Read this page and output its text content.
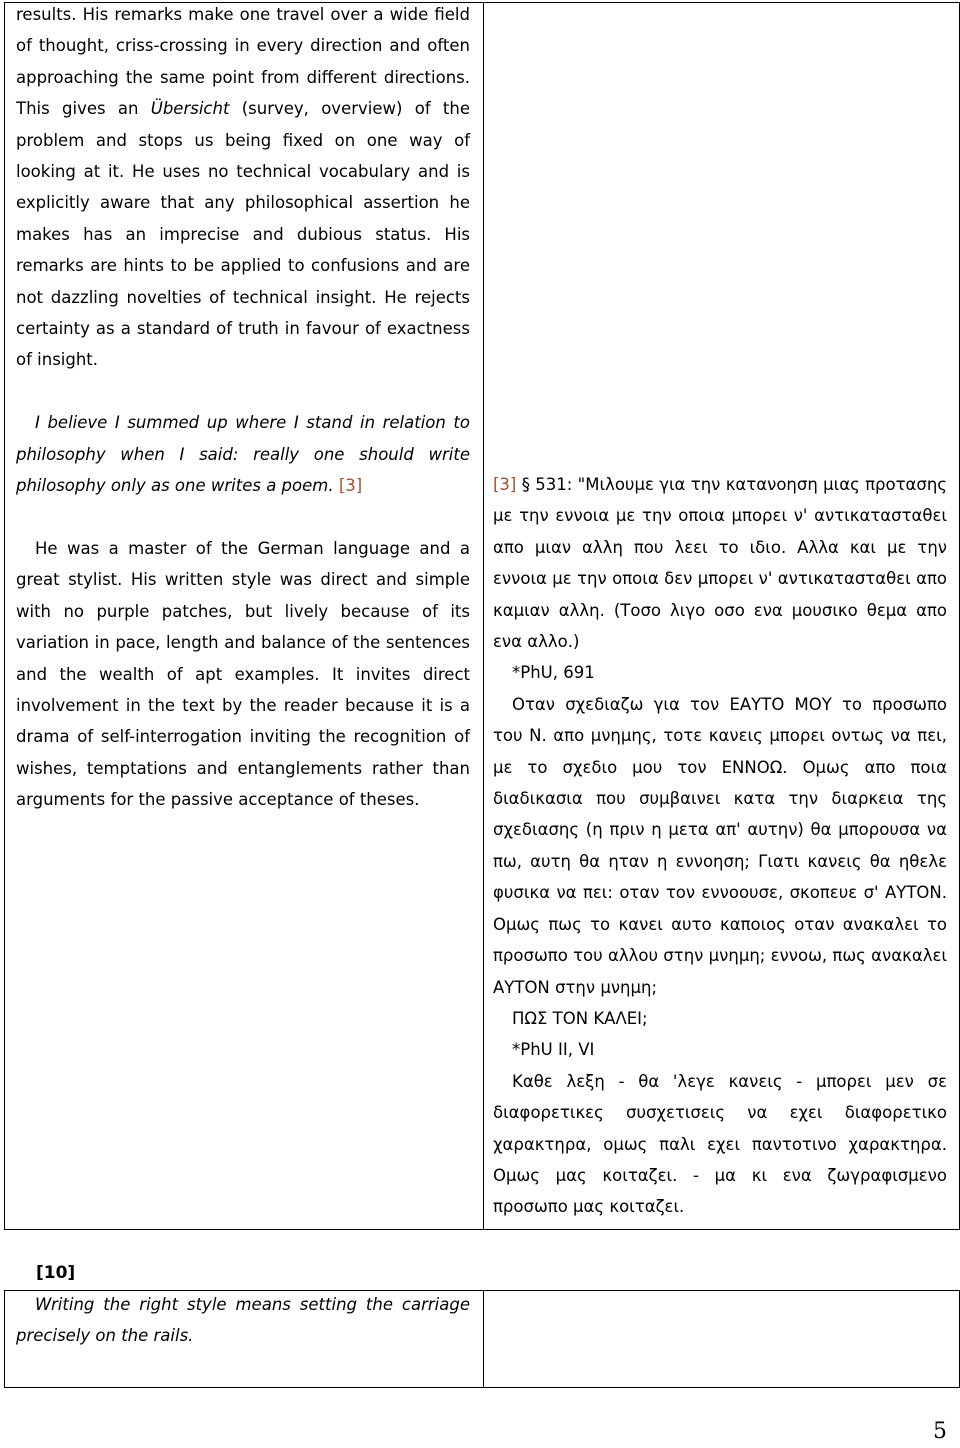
results. His remarks make one travel over a wide field of thought, criss-crossing in every direction and often approaching the same point from different directions. This gives an Übersicht (survey, overview) of the problem and stops us being fixed on one way of looking at it. He uses no technical vocabulary and is explicitly aware that any philosophical assertion he makes has an imprecise and dubious status. His remarks are hints to be applied to confusions and are not dazzling novelties of technical insight. He rejects certainty as a standard of truth in favour of exactness of insight.

I believe I summed up where I stand in relation to philosophy when I said: really one should write philosophy only as one writes a poem. [3]

He was a master of the German language and a great stylist. His written style was direct and simple with no purple patches, but lively because of its variation in pace, length and balance of the sentences and the wealth of apt examples. It invites direct involvement in the text by the reader because it is a drama of self-interrogation inviting the recognition of wishes, temptations and entanglements rather than arguments for the passive acceptance of theses.

[3] § 531: "Μιλουμε για την κατανοηση μιας προτασης με την εννοια με την οποια μπορει ν' αντικατασταθει απο μιαν αλλη που λεει το ιδιο. Αλλα και με την εννοια με την οποια δεν μπορει ν' αντικατασταθει απο καμιαν αλλη. (Τοσο λιγο οσο ενα μουσικο θεμα απο ενα αλλο.)

*PhU, 691

Οταν σχεδιαζω για τον ΕΑΥΤΟ ΜΟΥ το προσωπο του Ν. απο μνημης, τοτε κανεις μπορει οντως να πει, με το σχεδιο μου τον ΕΝΝΟΩ. Ομως απο ποια διαδικασια που συμβαινει κατα την διαρκεια της σχεδιασης (η πριν η μετα απ' αυτην) θα μπορουσα να πω, αυτη θα ηταν η εννοηση; Γιατι κανεις θα ηθελε φυσικα να πει: οταν τον εννοουσε, σκοπευε σ' ΑΥΤΟΝ. Ομως πως το κανει αυτο καποιος οταν ανακαλει το προσωπο του αλλου στην μνημη; εννοω, πως ανακαλει ΑΥΤΟΝ στην μνημη;

ΠΩΣ ΤΟΝ ΚΑΛΕΙ;

*PhU II, VI

Καθε λεξη - θα 'λεγε κανεις - μπορει μεν σε διαφορετικες συσχετισεις να εχει διαφορετικο χαρακτηρα, ομως παλι εχει παντοτινο χαρακτηρα. Ομως μας κοιταζει. - μα κι ενα ζωγραφισμενο προσωπο μας κοιταζει.

[10]

Writing the right style means setting the carriage precisely on the rails.

5
